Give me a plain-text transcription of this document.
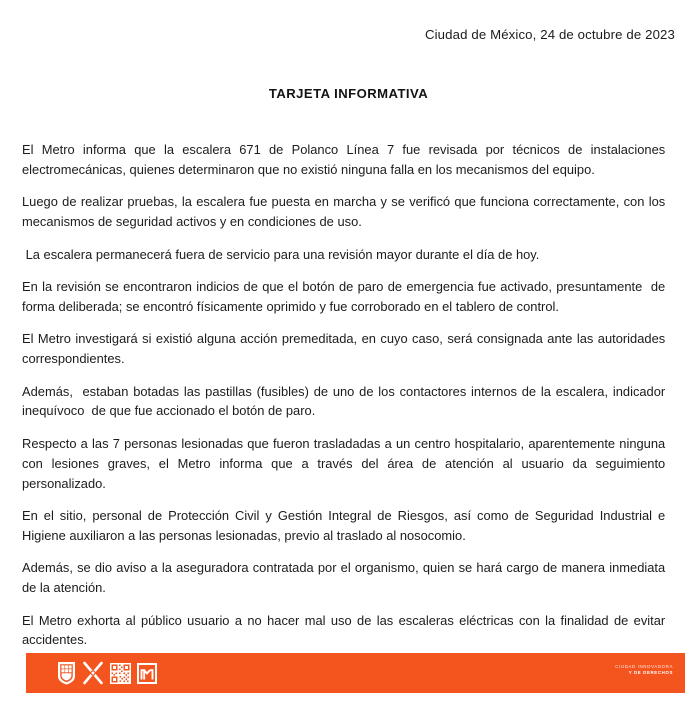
Ciudad de México, 24 de octubre de 2023
TARJETA INFORMATIVA

El Metro informa que la escalera 671 de Polanco Línea 7 fue revisada por técnicos de instalaciones electromecánicas, quienes determinaron que no existió ninguna falla en los mecanismos del equipo.

Luego de realizar pruebas, la escalera fue puesta en marcha y se verificó que funciona correctamente, con los mecanismos de seguridad activos y en condiciones de uso.

La escalera permanecerá fuera de servicio para una revisión mayor durante el día de hoy.

En la revisión se encontraron indicios de que el botón de paro de emergencia fue activado, presuntamente  de forma deliberada; se encontró físicamente oprimido y fue corroborado en el tablero de control.

El Metro investigará si existió alguna acción premeditada, en cuyo caso, será consignada ante las autoridades correspondientes.

Además,  estaban botadas las pastillas (fusibles) de uno de los contactores internos de la escalera, indicador inequívoco  de que fue accionado el botón de paro.

Respecto a las 7 personas lesionadas que fueron trasladadas a un centro hospitalario, aparentemente ninguna con lesiones graves, el Metro informa que a través del área de atención al usuario da seguimiento personalizado.

En el sitio, personal de Protección Civil y Gestión Integral de Riesgos, así como de Seguridad Industrial e Higiene auxiliaron a las personas lesionadas, previo al traslado al nosocomio.

Además, se dio aviso a la aseguradora contratada por el organismo, quien se hará cargo de manera inmediata de la atención.

El Metro exhorta al público usuario a no hacer mal uso de las escaleras eléctricas con la finalidad de evitar accidentes.

CIUDAD INNOVADORA
Y DE DERECHOS
